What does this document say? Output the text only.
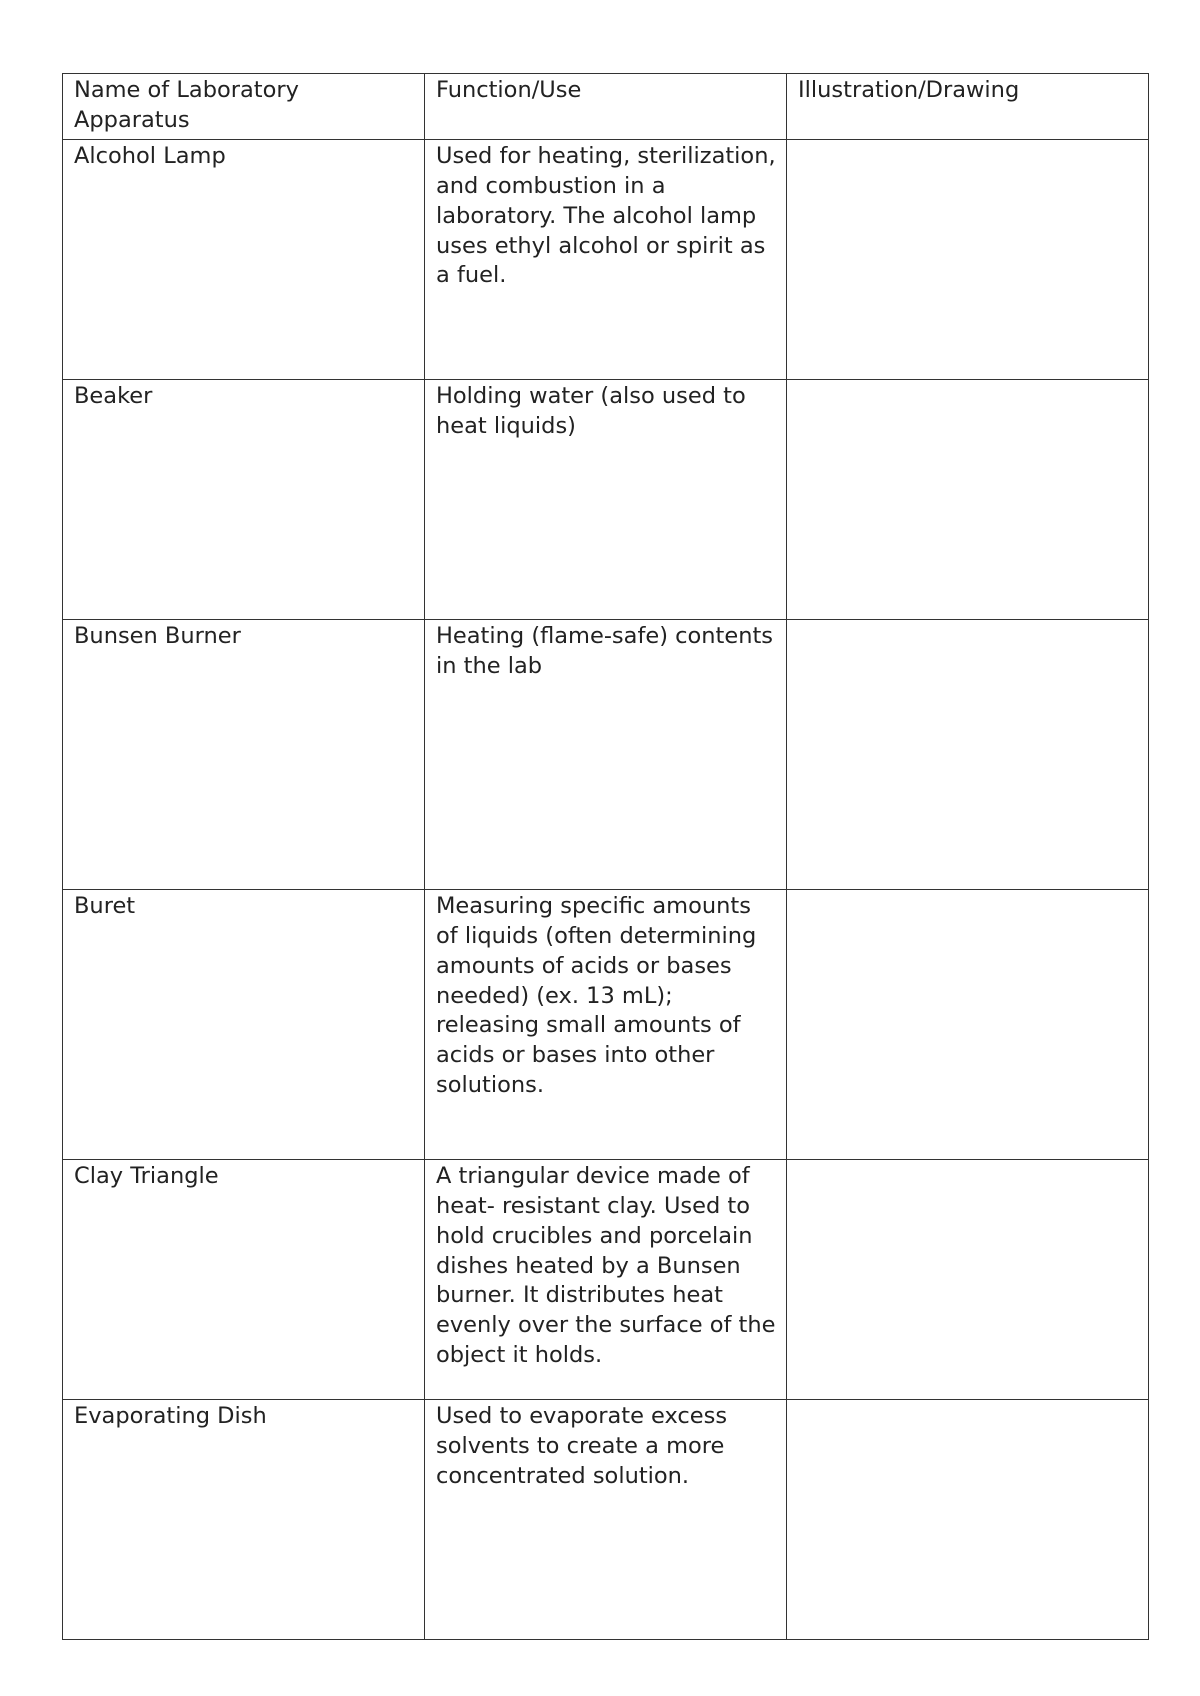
Name of Laboratory Apparatus	Function/Use	Illustration/Drawing
Alcohol Lamp	Used for heating, sterilization, and combustion in a laboratory. The alcohol lamp uses ethyl alcohol or spirit as a fuel.	
Beaker	Holding water (also used to heat liquids)	
Bunsen Burner	Heating (flame-safe) contents in the lab	
Buret	Measuring specific amounts of liquids (often determining amounts of acids or bases needed) (ex. 13 mL); releasing small amounts of acids or bases into other solutions.	
Clay Triangle	A triangular device made of heat- resistant clay. Used to hold crucibles and porcelain dishes heated by a Bunsen burner. It distributes heat evenly over the surface of the object it holds.	
Evaporating Dish	Used to evaporate excess solvents to create a more concentrated solution.	
